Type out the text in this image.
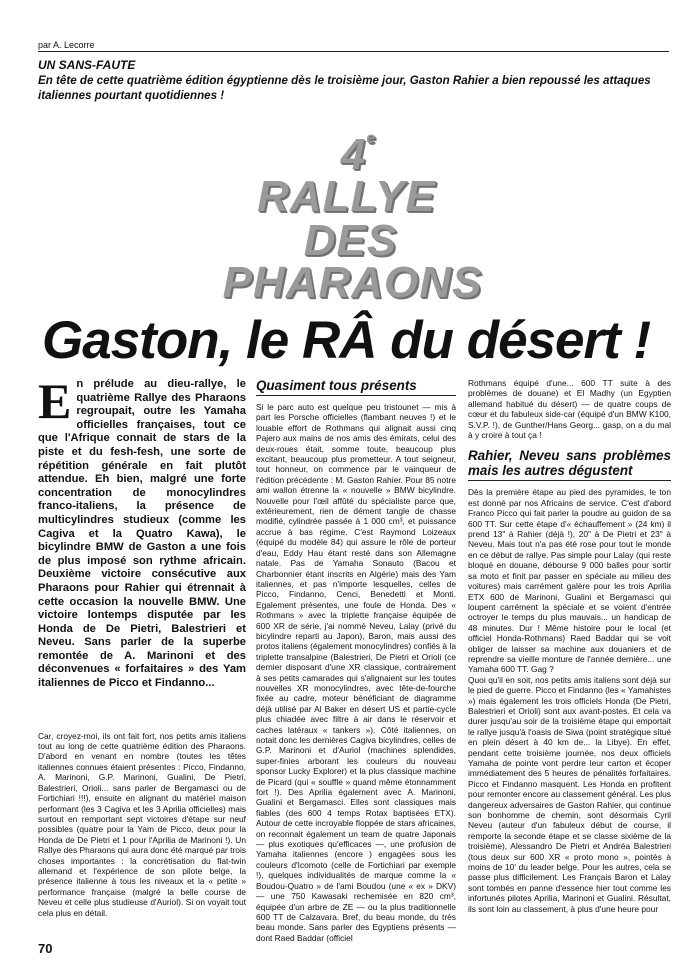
par A. Lecorre
UN SANS-FAUTE
En tête de cette quatrième édition égyptienne dès le troisième jour, Gaston Rahier a bien repoussé les attaques italiennes pourtant quotidiennes !
4e
RALLYE
DES
PHARAONS
Gaston, le RÂ du désert !

En prélude au dieu-rallye, le quatrième Rallye des Pharaons regroupait, outre les Yamaha officielles françaises, tout ce que l'Afrique connait de stars de la piste et du fesh-fesh, une sorte de répétition générale en fait plutôt attendue. Eh bien, malgré une forte concentration de monocylindres franco-italiens, la présence de multicylindres studieux (comme les Cagiva et la Quatro Kawa), le bicylindre BMW de Gaston a une fois de plus imposé son rythme africain. Deuxième victoire consécutive aux Pharaons pour Rahier qui étrennait à cette occasion la nouvelle BMW. Une victoire lontemps disputée par les Honda de De Pietri, Balestrieri et Neveu. Sans parler de la superbe remontée de A. Marinoni et des déconvenues « forfaitaires » des Yam italiennes de Picco et Findanno...

Car, croyez-moi, ils ont fait fort, nos petits amis italiens tout au long de cette quatrième édition des Pharaons. D'abord en venant en nombre (toutes les têtes italiennes connues étaient présentes : Picco, Findanno, A. Marinoni, G.P. Marinoni, Gualini, De Pietri, Balestrieri, Orioli... sans parler de Bergamasci ou de Fortichiari !!!), ensuite en alignant du matériel maison performant (les 3 Cagiva et les 3 Aprilia officielles) mais surtout en remportant sept victoires d'étape sur neuf possibles (quatre pour la Yam de Picco, deux pour la Honda de De Pietri et 1 pour l'Aprilia de Marinoni !). Un Rallye des Pharaons qui aura donc été marqué par trois choses importantes : la concrétisation du flat-twin allemand et l'expérience de son pilote belge, la présence italienne à tous les niveaux et la « petite » performance française (malgré la belle course de Neveu et celle plus studieuse d'Auriol). Si on voyait tout cela plus en détail.

Quasiment tous présents

Si le parc auto est quelque peu tristounet — mis à part les Porsche officielles (flambant neuves !) et le louable effort de Rothmans qui alignait aussi cinq Pajero aux mains de nos amis des émirats, celui des deux-roues était, somme toute, beaucoup plus excitant, beaucoup plus prometteur. A tout seigneur, tout honneur, on commence par le vainqueur de l'édition précédente : M. Gaston Rahier. Pour 85 notre ami wallon étrenne la « nouvelle » BMW bicylindre. Nouvelle pour l'œil affûté du spécialiste parce que, extérieurement, rien de dément tangle de chasse modifié, cylindrée passée à 1 000 cm³, et puissance accrue à bas régime. C'est Raymond Loizeaux (équipé du modèle 84) qui assure le rôle de porteur d'eau, Eddy Hau étant resté dans son Allemagne natale. Pas de Yamaha Sonauto (Bacou et Charbonnier étant inscrits en Algérie) mais des Yam italiennes, et pas n'importe lesquelles, celles de Picco, Findanno, Cenci, Benedetti et Monti. Egalement présentes, une foule de Honda. Des « Rothmans » avec la triplette française équipée de 600 XR de série, j'ai nommé Neveu, Lalay (privé du bicylindre reparti au Japon), Baron, mais aussi des protos italiens (également monocylindres) confiés à la triplette transalpine (Balestrieri, De Pietri et Orioli (ce dernier disposant d'une XR classique, contrairement à ses petits camarades qui s'alignaient sur les toutes nouvelles XR monocylindres, avec tête-de-fourche fixée au cadre, moteur bénéficiant de diagramme déjà utilisé par Al Baker en désert US et partie-cycle plus chiadée avec filtre à air dans le réservoir et caches latéraux « tankers »). Côté italiennes, on notait donc les dernières Cagiva bicylindres, celles de G.P. Marinoni et d'Auriol (machines splendides, super-finies arborant les couleurs du nouveau sponsor Lucky Explorer) et la plus classique machine de Picard (qui « souffle » quand même étonnamment fort !). Des Aprilia également avec A. Marinoni, Gualini et Bergamasci. Elles sont classiques mais fiables (des 600 4 temps Rotax baptisées ETX). Autour de cette incroyable floppée de stars africaines, on reconnait également un team de quatre Japonais — plus exotiques qu'efficaces —, une profusion de Yamaha italiennes (encore ) engagées sous les couleurs d'Icomoto (celle de Fortichiari par exemple !), quelques individualités de marque comme la « Boudou-Quatro » de l'ami Boudou (une « ex » DKV) — une 750 Kawasaki rechemisée en 820 cm³, équipée d'un arbre de ZE — ou la plus traditionnelle 600 TT de Calzavara. Bref, du beau monde, du très beau monde. Sans parler des Egyptiens présents — dont Raed Baddar (officiel

Rothmans équipé d'une... 600 TT suite à des problèmes de douane) et El Madhy (un Egyptien allemand habitué du désert) — de quatre coups de cœur et du fabuleux side-car (équipé d'un BMW K100, S.V.P. !), de Gunther/Hans Georg... gasp, on a du mal à y croire à tout ça !

Rahier, Neveu sans problèmes mais les autres dégustent

Dès la première étape au pied des pyramides, le ton est donné par nos Africains de service. C'est d'abord Franco Picco qui fait parler la poudre au guidon de sa 600 TT. Sur cette étape d'« échauffement » (24 km) il prend 13" à Rahier (déjà !), 20" à De Pietri et 23" à Neveu. Mais tout n'a pas été rose pour tout le monde en ce début de rallye. Pas simple pour Lalay (qui reste bloqué en douane, débourse 9 000 balles pour sortir sa moto et finit par passer en spéciale au milieu des voitures) mais carrément galère pour les trois Aprilia ETX 600 de Marinoni, Gualini et Bergamasci qui loupent carrément la spéciale et se voient d'entrée octroyer le temps du plus mauvais... un handicap de 48 minutes. Dur ! Même histoire pour le local (et officiel Honda-Rothmans) Raed Baddar qui se voit obliger de laisser sa machine aux douaniers et de reprendre sa vieille monture de l'année dernière... une Yamaha 600 TT. Gag ?
Quoi qu'il en soit, nos petits amis italiens sont déjà sur le pied de guerre. Picco et Findanno (les « Yamahistes ») mais également les trois officiels Honda (De Pietri, Balestrieri et Orioli) sont aux avant-postes. Et cela va durer jusqu'au soir de la troisième étape qui emportait le rallye jusqu'à l'oasis de Siwa (point stratégique situé en plein désert à 40 km de... la Libye). En effet, pendant cette troisième journée, nos deux officiels Yamaha de pointe vont perdre leur carton et écoper immédiatement des 5 heures de pénalités forfaitaires. Picco et Findanno masquent. Les Honda en profitent pour remonter encore au classement général. Les plus dangereux adversaires de Gaston Rahier, qui continue son bonhomme de chemin, sont désormais Cyril Neveu (auteur d'un fabuleux début de course, il remporte la seconde étape et se classe sixième de la troisième), Alessandro De Pietri et Andréa Balestrieri (tous deux sur 600 XR « proto mono », pointés à moins de 10' du leader belge. Pour les autres, cela se passe plus difficilement. Les Français Baron et Lalay sont tombés en panne d'essence hier tout comme les infortunés pilotes Aprilia, Marinoni et Gualini. Résultat, ils sont loin au classement, à plus d'une heure pour

70
